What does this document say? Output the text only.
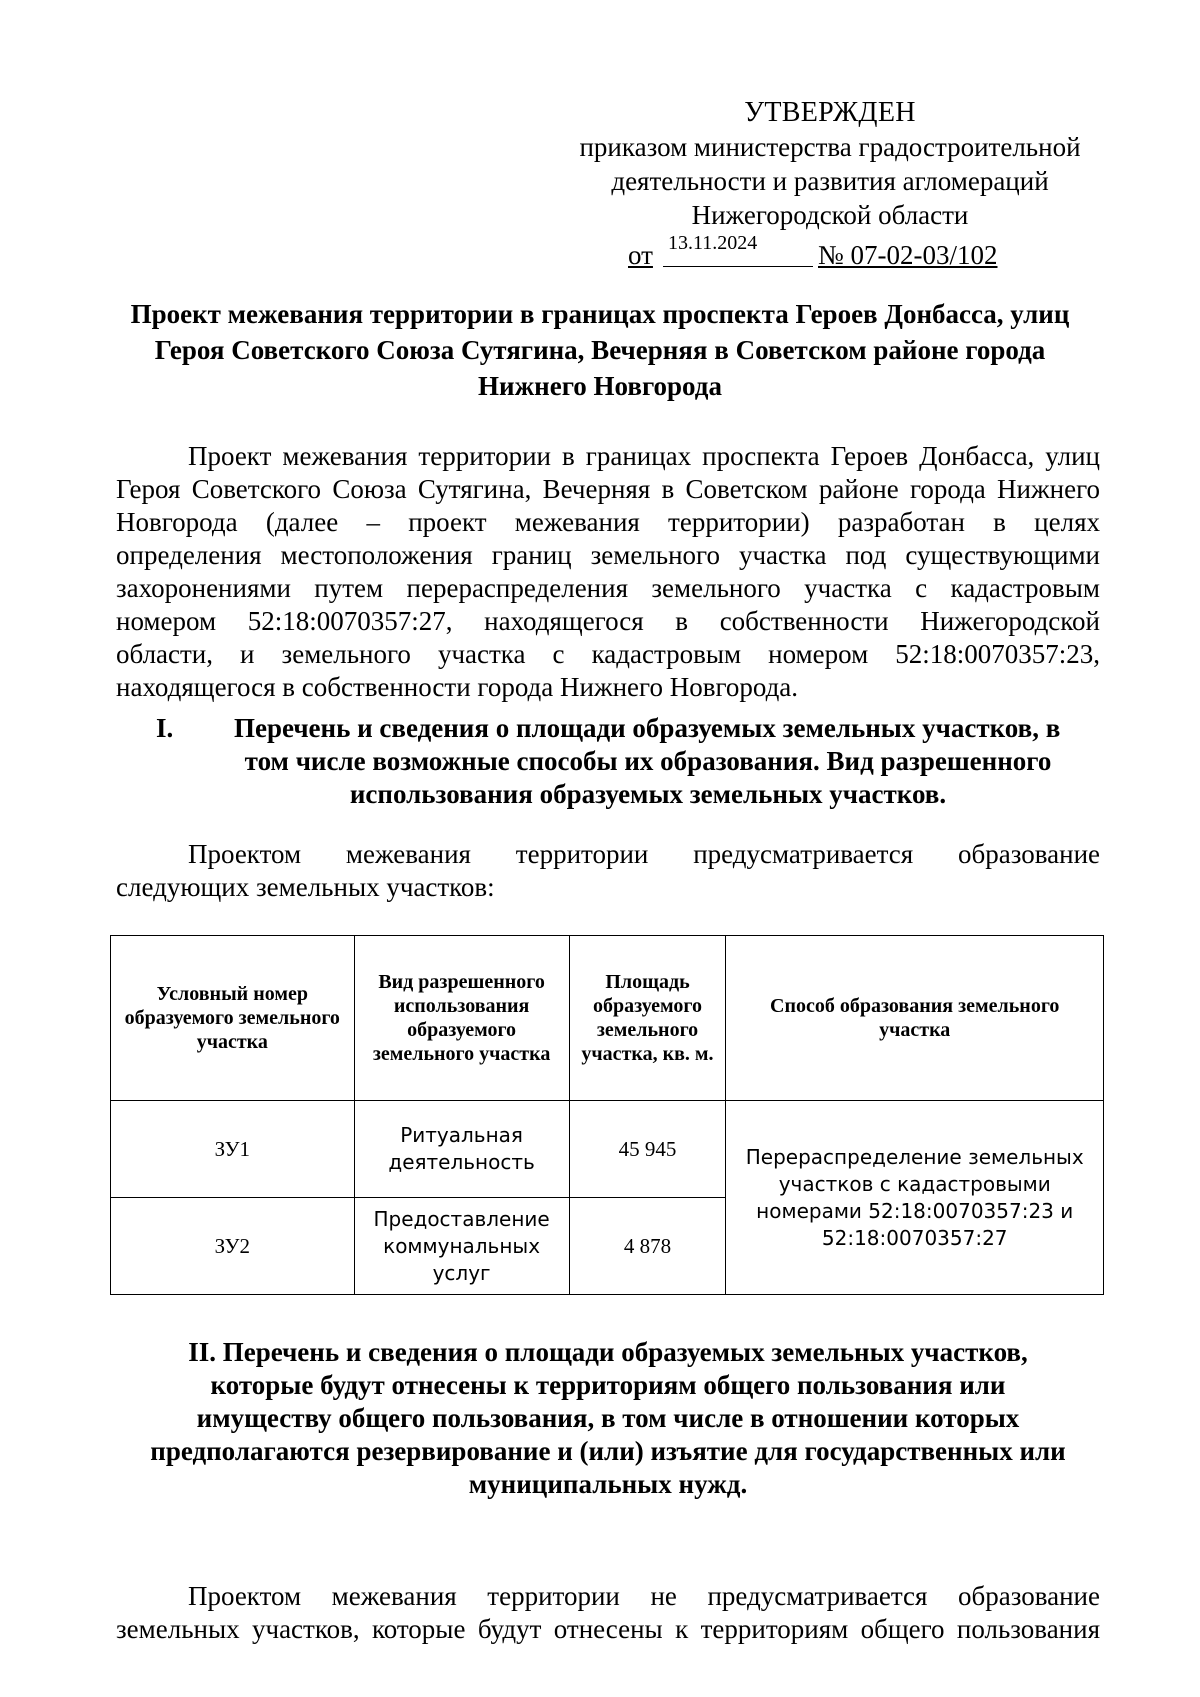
УТВЕРЖДЕН
приказом министерства градостроительной
деятельности и развития агломераций
Нижегородской области
от 13.11.2024 № 07-02-03/102
Проект межевания территории в границах проспекта Героев Донбасса, улиц
Героя Советского Союза Сутягина, Вечерняя в Советском районе города
Нижнего Новгорода
Проект межевания территории в границах проспекта Героев Донбасса, улиц
Героя Советского Союза Сутягина, Вечерняя в Советском районе города Нижнего
Новгорода (далее – проект межевания территории) разработан в целях
определения местоположения границ земельного участка под существующими
захоронениями путем перераспределения земельного участка с кадастровым
номером 52:18:0070357:27, находящегося в собственности Нижегородской
области, и земельного участка с кадастровым номером 52:18:0070357:23,
находящегося в собственности города Нижнего Новгорода.
I. Перечень и сведения о площади образуемых земельных участков, в
том числе возможные способы их образования. Вид разрешенного
использования образуемых земельных участков.
Проектом межевания территории предусматривается образование
следующих земельных участков:
Условный номер образуемого земельного участка	Вид разрешенного использования образуемого земельного участка	Площадь образуемого земельного участка, кв. м.	Способ образования земельного участка
ЗУ1	Ритуальная деятельность	45 945	Перераспределение земельных участков с кадастровыми номерами 52:18:0070357:23 и 52:18:0070357:27
ЗУ2	Предоставление коммунальных услуг	4 878	
II. Перечень и сведения о площади образуемых земельных участков,
которые будут отнесены к территориям общего пользования или
имуществу общего пользования, в том числе в отношении которых
предполагаются резервирование и (или) изъятие для государственных или
муниципальных нужд.
Проектом межевания территории не предусматривается образование
земельных участков, которые будут отнесены к территориям общего пользования
